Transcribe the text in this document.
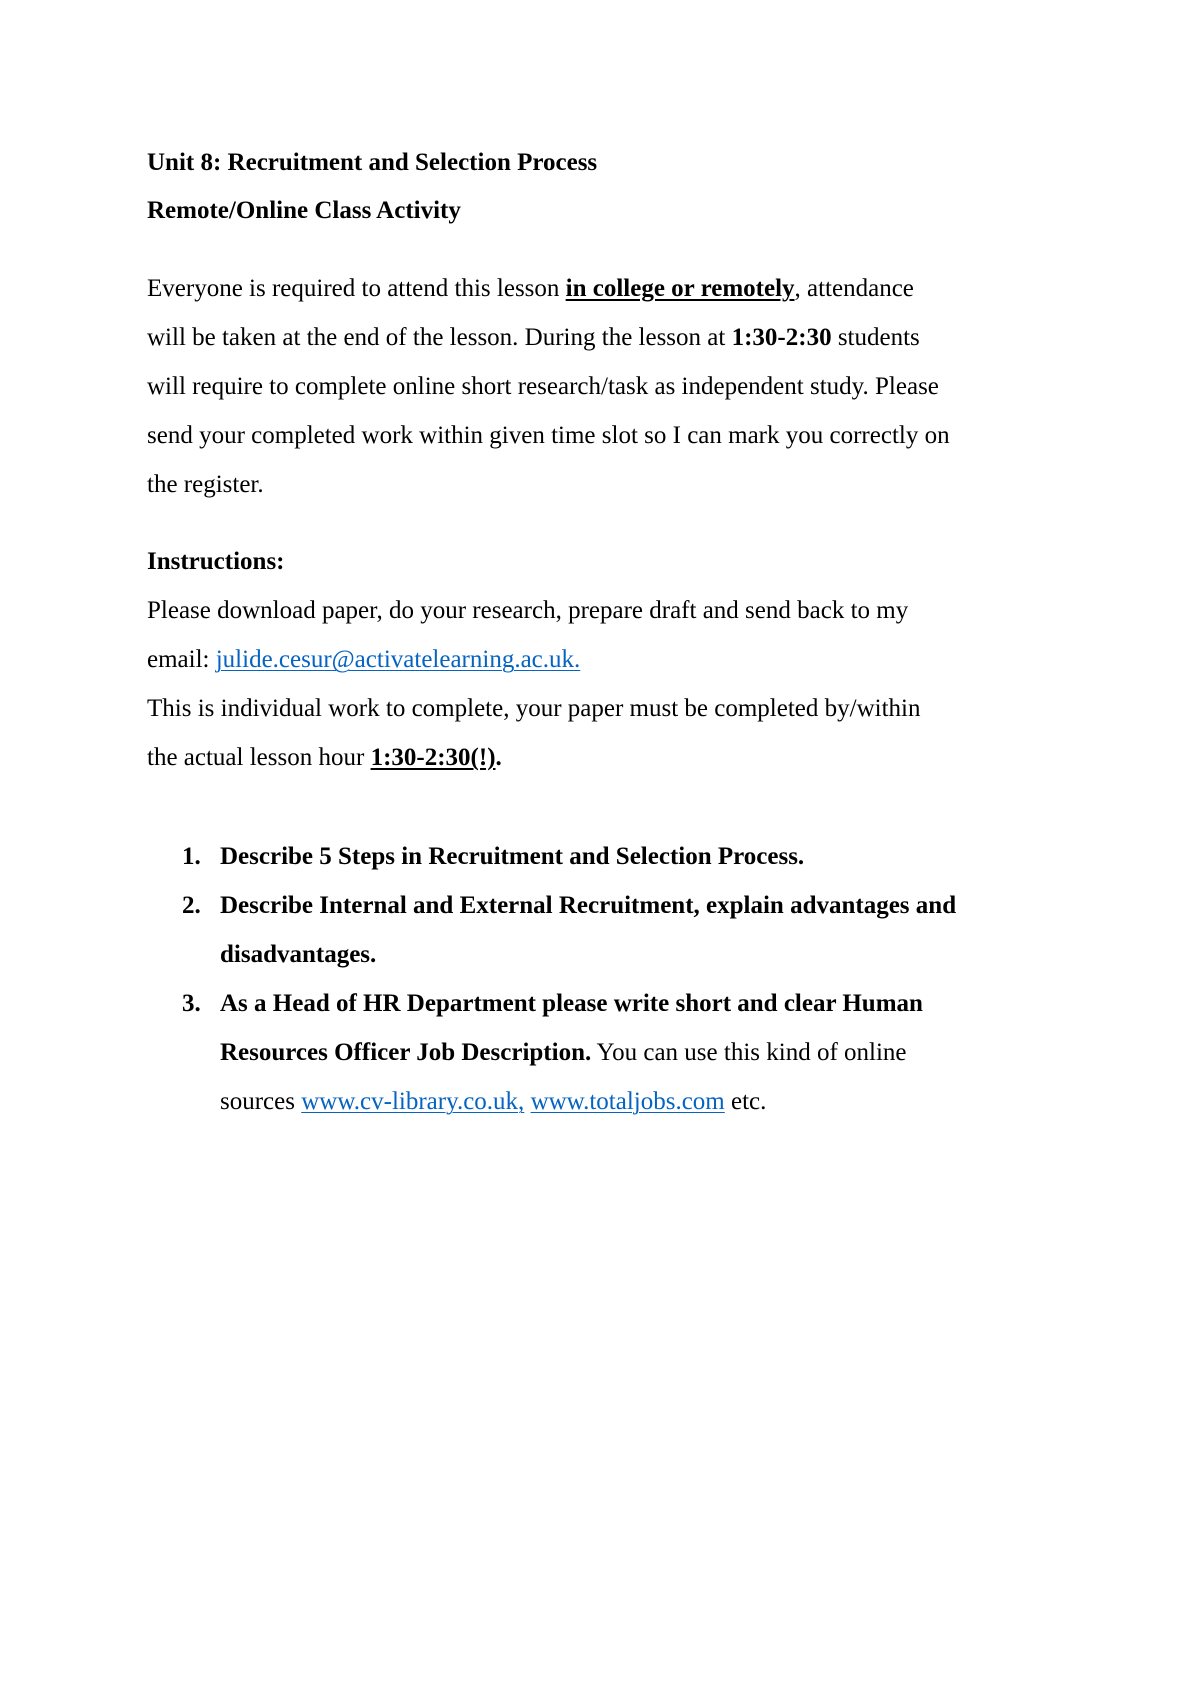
Unit 8: Recruitment and Selection Process
Remote/Online Class Activity
Everyone is required to attend this lesson in college or remotely, attendance
will be taken at the end of the lesson. During the lesson at 1:30-2:30 students
will require to complete online short research/task as independent study. Please
send your completed work within given time slot so I can mark you correctly on
the register.
Instructions:
Please download paper, do your research, prepare draft and send back to my
email: julide.cesur@activatelearning.ac.uk.
This is individual work to complete, your paper must be completed by/within
the actual lesson hour 1:30-2:30(!).
1. Describe 5 Steps in Recruitment and Selection Process.
2. Describe Internal and External Recruitment, explain advantages and
disadvantages.
3. As a Head of HR Department please write short and clear Human
Resources Officer Job Description. You can use this kind of online
sources www.cv-library.co.uk, www.totaljobs.com etc.
